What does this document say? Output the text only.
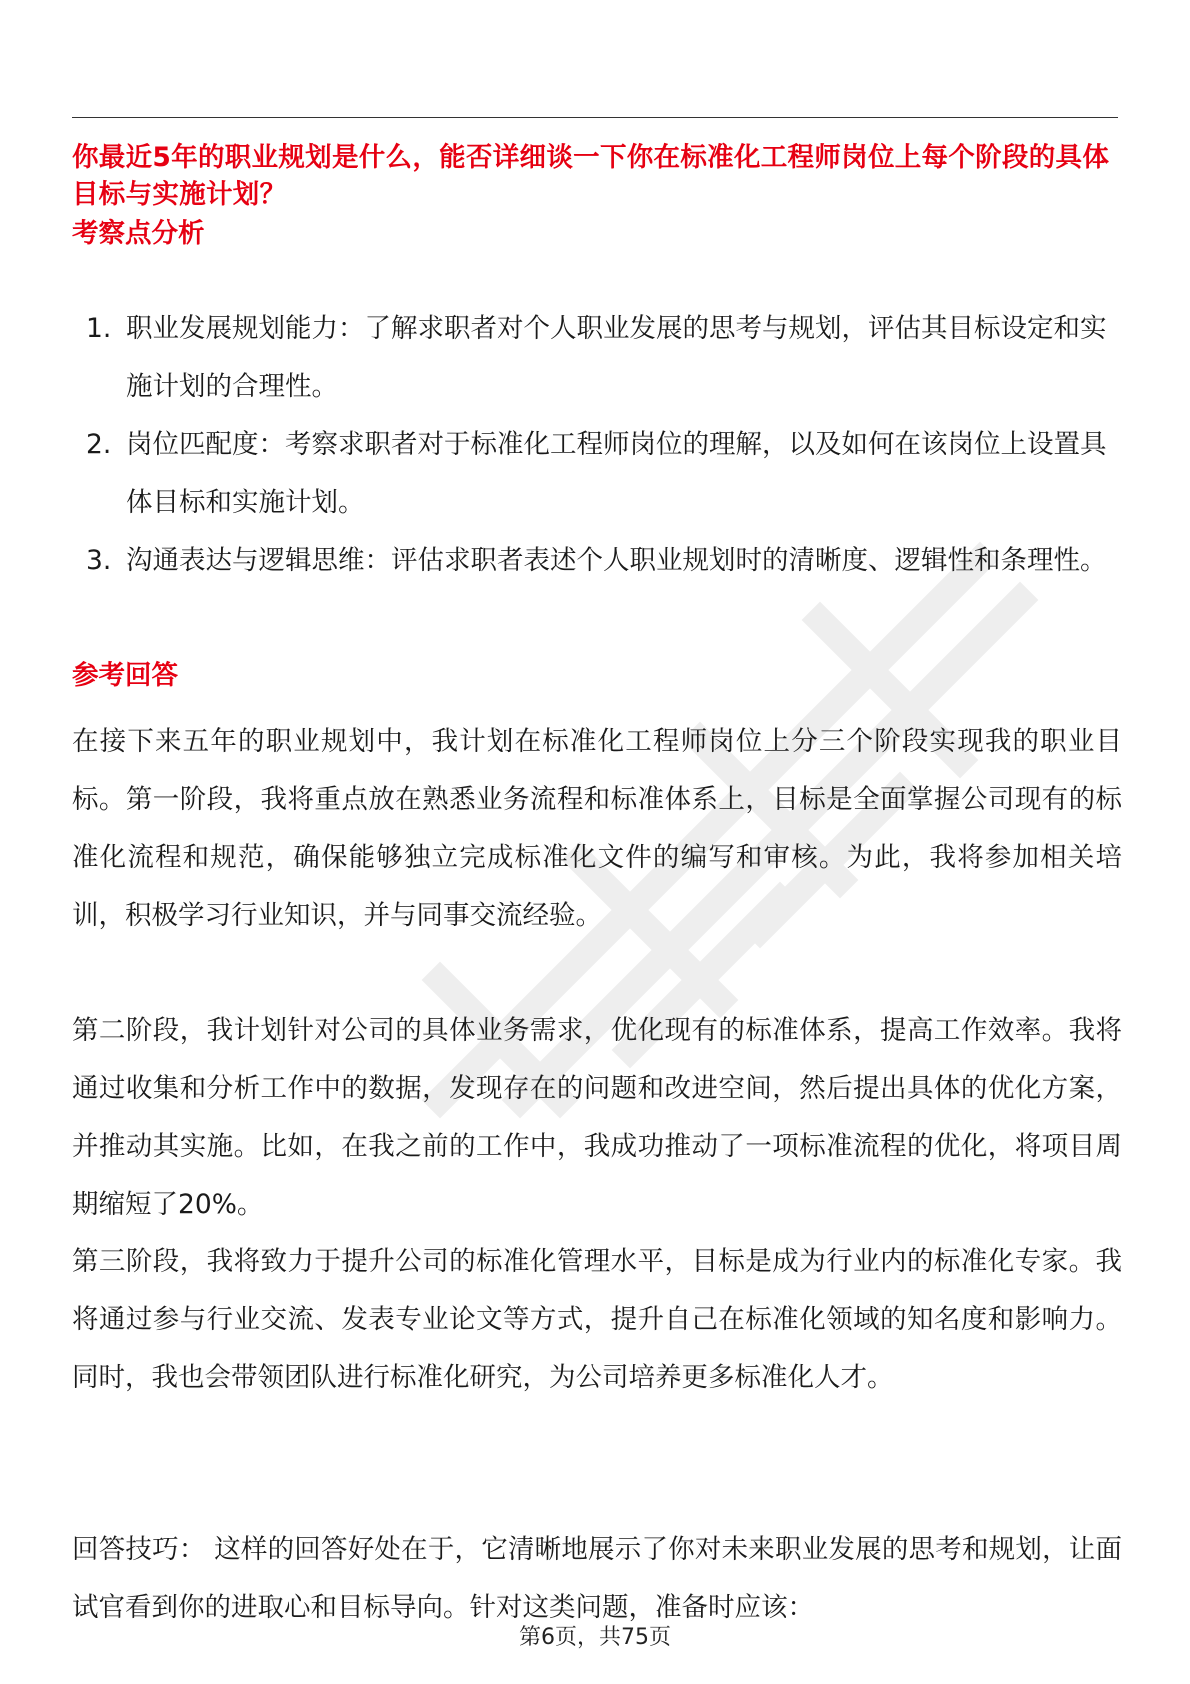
你最近5年的职业规划是什么，能否详细谈一下你在标准化工程师岗位上每个阶段的具体目标与实施计划？
考察点分析
1. 职业发展规划能力：了解求职者对个人职业发展的思考与规划，评估其目标设定和实施计划的合理性。
2. 岗位匹配度：考察求职者对于标准化工程师岗位的理解，以及如何在该岗位上设置具体目标和实施计划。
3. 沟通表达与逻辑思维：评估求职者表述个人职业规划时的清晰度、逻辑性和条理性。
参考回答

在接下来五年的职业规划中，我计划在标准化工程师岗位上分三个阶段实现我的职业目标。第一阶段，我将重点放在熟悉业务流程和标准体系上，目标是全面掌握公司现有的标准化流程和规范，确保能够独立完成标准化文件的编写和审核。为此，我将参加相关培训，积极学习行业知识，并与同事交流经验。

第二阶段，我计划针对公司的具体业务需求，优化现有的标准体系，提高工作效率。我将通过收集和分析工作中的数据，发现存在的问题和改进空间，然后提出具体的优化方案，并推动其实施。比如，在我之前的工作中，我成功推动了一项标准流程的优化，将项目周期缩短了20%。

第三阶段，我将致力于提升公司的标准化管理水平，目标是成为行业内的标准化专家。我将通过参与行业交流、发表专业论文等方式，提升自己在标准化领域的知名度和影响力。同时，我也会带领团队进行标准化研究，为公司培养更多标准化人才。

回答技巧： 这样的回答好处在于，它清晰地展示了你对未来职业发展的思考和规划，让面试官看到你的进取心和目标导向。针对这类问题，准备时应该：

第6页，共75页
